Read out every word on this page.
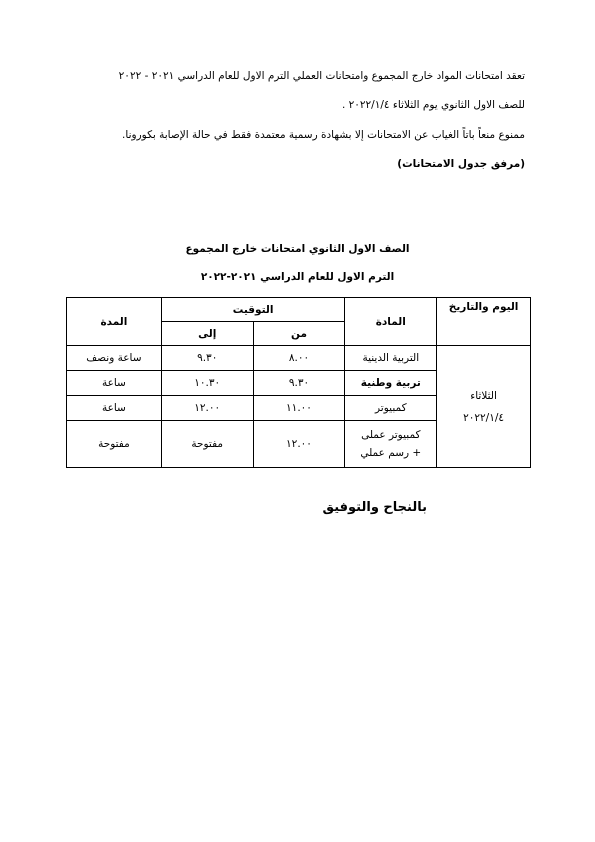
تعقد امتحانات المواد خارج المجموع وامتحانات العملي الترم الاول للعام الدراسي ٢٠٢١ - ٢٠٢٢
للصف الاول الثانوي يوم الثلاثاء ٢٠٢٢/١/٤ .
ممنوع منعاً باتاً الغياب عن الامتحانات إلا بشهادة رسمية معتمدة فقط في حالة الإصابة بكورونا.
(مرفق جدول الامتحانات)
الصف الاول الثانوي امتحانات خارج المجموع
الترم الاول للعام الدراسي ٢٠٢١-٢٠٢٢
اليوم والتاريخ	المادة	التوقيت		المدة
		من	إلى	

الثلاثاء
٢٠٢٢/١/٤	التربية الدينية	٨.٠٠	٩.٣٠	ساعة ونصف
	تربية وطنية	٩.٣٠	١٠.٣٠	ساعة
	كمبيوتر	١١.٠٠	١٢.٠٠	ساعة

	كمبيوتر عملى
+ رسم عملي	١٢.٠٠	مفتوحة	مفتوحة
بالنجاح والتوفيق
